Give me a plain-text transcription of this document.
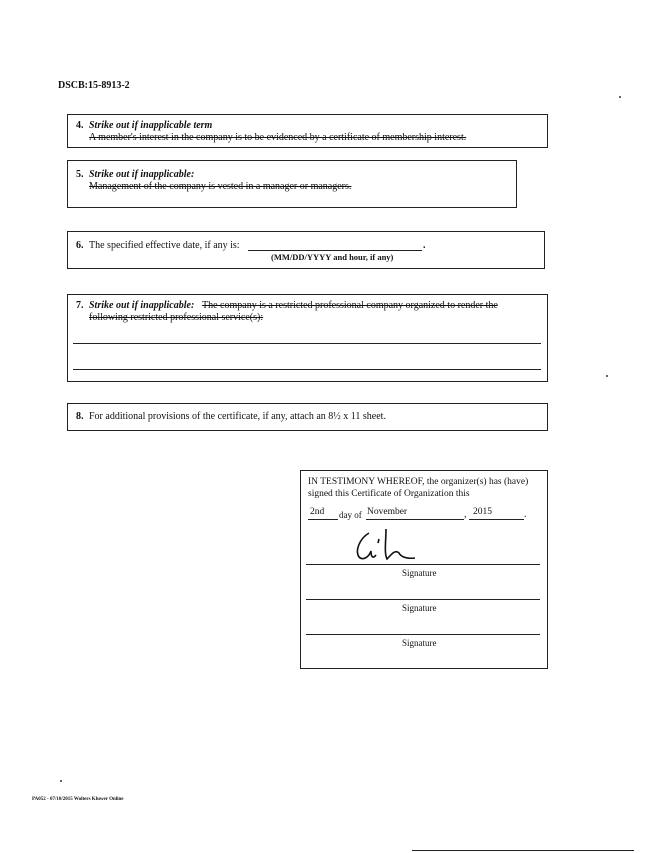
DSCB:15-8913-2
4. Strike out if inapplicable term
A member's interest in the company is to be evidenced by a certificate of membership interest.
5. Strike out if inapplicable:
Management of the company is vested in a manager or managers.
6. The specified effective date, if any is:	.
(MM/DD/YYYY and hour, if any)
7. Strike out if inapplicable: The company is a restricted professional company organized to render the
following restricted professional service(s):
8. For additional provisions of the certificate, if any, attach an 8½ x 11 sheet.
IN TESTIMONY WHEREOF, the organizer(s) has (have)
signed this Certificate of Organization this
2nd day of November	, 2015	.
Signature
Signature
Signature
PA052 - 07/10/2015 Wolters Kluwer Online
